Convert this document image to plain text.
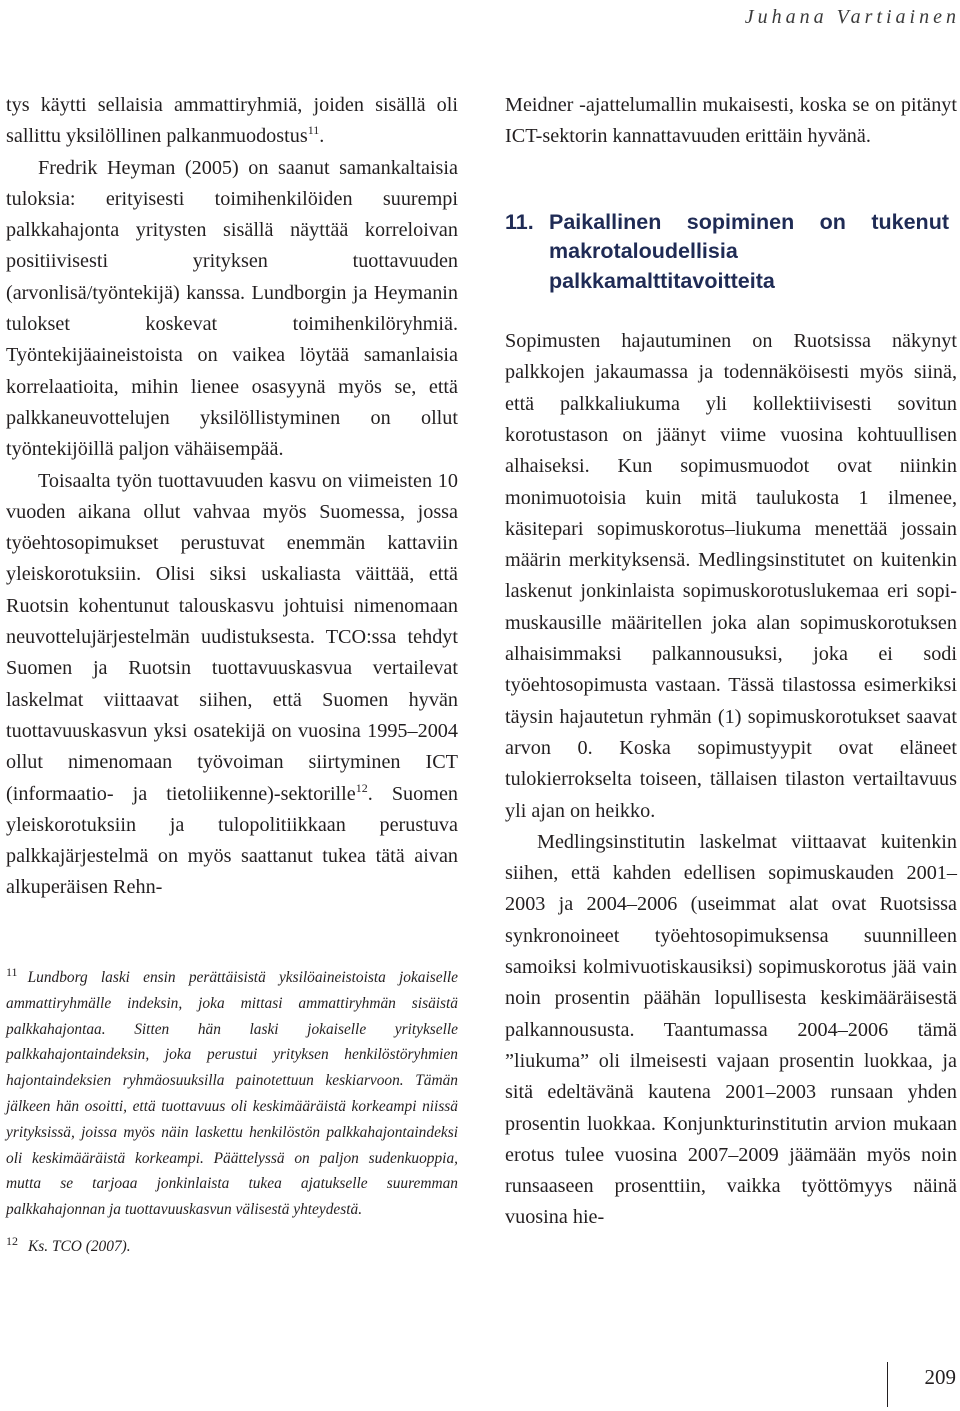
Juhana Vartiainen

tys käytti sellaisia ammattiryhmiä, joiden sisällä oli sallittu yksilöllinen palkanmuodostus$^{11}$.

Fredrik Heyman (2005) on saanut samankaltaisia tuloksia: erityisesti toimihenkilöiden suurempi palkkahajonta yritysten sisällä näyttää korreloivan positiivisesti yrityksen tuottavuuden (arvonlisä/työntekijä) kanssa. Lundborgin ja Heymanin tulokset koskevat toimihenkilöryhmiä. Työntekijäaineistoista on vaikea löytää samanlaisia korrelaatioita, mihin lienee osasyynä myös se, että palkkaneuvottelujen yksilöllistyminen on ollut työntekijöillä paljon vähäisempää.

Toisaalta työn tuottavuuden kasvu on viimeisten 10 vuoden aikana ollut vahvaa myös Suomessa, jossa työehtosopimukset perustuvat enemmän kattaviin yleiskorotuksiin. Olisi siksi uskaliasta väittää, että Ruotsin kohentunut talouskasvu johtuisi nimenomaan neuvottelujärjestelmän uudistuksesta. TCO:ssa tehdyt Suomen ja Ruotsin tuottavuuskasvua vertailevat laskelmat viittaavat siihen, että Suomen hyvän tuottavuuskasvun yksi osatekijä on vuosina 1995–2004 ollut nimenomaan työvoiman siirtyminen ICT (informaatio- ja tietoliikenne)-sektorille$^{12}$. Suomen yleiskorotuksiin ja tulopolitiikkaan perustuva palkkajärjestelmä on myös saattanut tukea tätä aivan alkuperäisen Rehn-

$^{11}$ Lundborg laski ensin perättäisistä yksilöaineistoista jokaiselle ammattiryhmälle indeksin, joka mittasi ammattiryhmän sisäistä palkkahajontaa. Sitten hän laski jokaiselle yritykselle palkkahajontaindeksin, joka perustui yrityksen henkilöstöryhmien hajontaindeksien ryhmäosuuksilla painotettuun keskiarvoon. Tämän jälkeen hän osoitti, että tuottavuus oli keskimääräistä korkeampi niissä yrityksissä, joissa myös näin laskettu henkilöstön palkkahajontaindeksi oli keskimääräistä korkeampi. Päättelyssä on paljon sudenkuoppia, mutta se tarjoaa jonkinlaista tukea ajatukselle suuremman palkkahajonnan ja tuottavuuskasvun välisestä yhteydestä.

$^{12}$ Ks. TCO (2007).

Meidner -ajattelumallin mukaisesti, koska se on pitänyt ICT-sektorin kannattavuuden erittäin hyvänä.

11. Paikallinen sopiminen on tukenut makrotaloudellisia palkkamalttitavoitteita

Sopimusten hajautuminen on Ruotsissa näkynyt palkkojen jakaumassa ja todennäköisesti myös siinä, että palkkaliukuma yli kollektiivisesti sovitun korotustason on jäänyt viime vuosina kohtuullisen alhaiseksi. Kun sopimusmuodot ovat niinkin monimuotoisia kuin mitä taulukosta 1 ilmenee, käsitepari sopimuskorotus–liukuma menettää jossain määrin merkityksensä. Medlingsinstitutet on kuitenkin laskenut jonkinlaista sopimuskorotuslukemaa eri sopimuskausille määritellen joka alan sopimuskorotuksen alhaisimmaksi palkannousuksi, joka ei sodi työehtosopimusta vastaan. Tässä tilastossa esimerkiksi täysin hajautetun ryhmän (1) sopimuskorotukset saavat arvon 0. Koska sopimustyypit ovat eläneet tulokierrokselta toiseen, tällaisen tilaston vertailtavuus yli ajan on heikko.

Medlingsinstitutin laskelmat viittaavat kuitenkin siihen, että kahden edellisen sopimuskauden 2001–2003 ja 2004–2006 (useimmat alat ovat Ruotsissa synkronoineet työehtosopimuksensa suunnilleen samoiksi kolmivuotiskausiksi) sopimuskorotus jää vain noin prosentin päähän lopullisesta keskimääräisestä palkannoususta. Taantumassa 2004–2006 tämä ”liukuma” oli ilmeisesti vajaan prosentin luokkaa, ja sitä edeltävänä kautena 2001–2003 runsaan yhden prosentin luokkaa. Konjunkturinstitutin arvion mukaan erotus tulee vuosina 2007–2009 jäämään myös noin runsaaseen prosenttiin, vaikka työttömyys näinä vuosina hie-

209
